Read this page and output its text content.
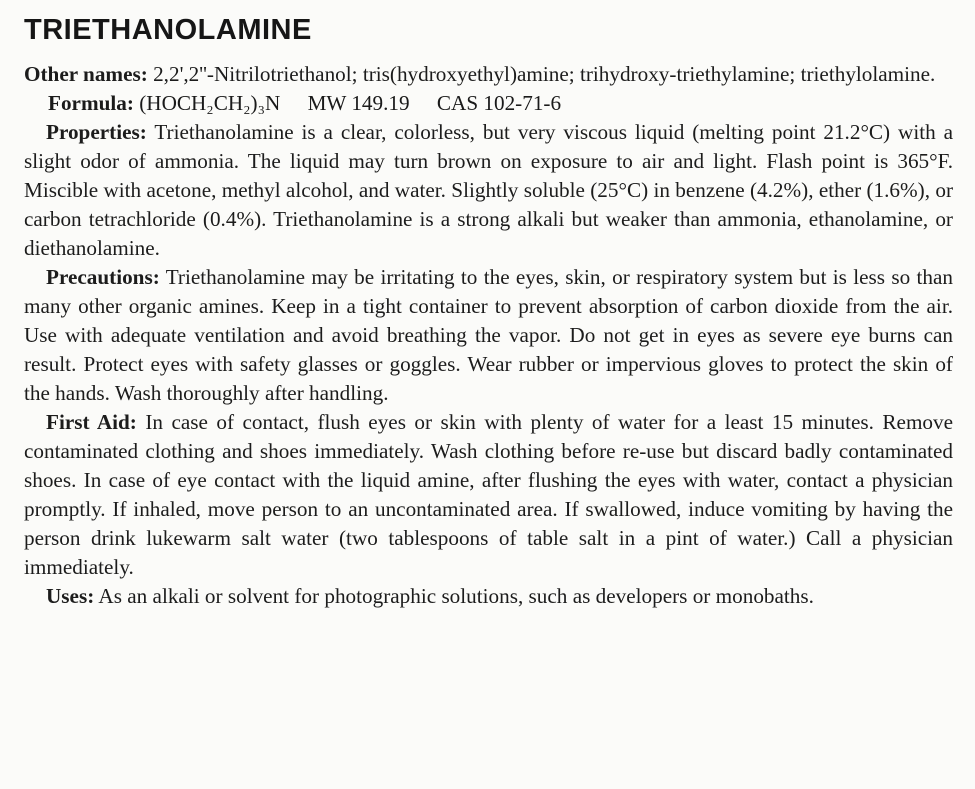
TRIETHANOLAMINE

Other names: 2,2',2''-Nitrilotriethanol; tris(hydroxyethyl)amine; trihydroxy-triethylamine; triethylolamine.

Formula: (HOCH₂CH₂)₃N MW 149.19 CAS 102-71-6

Properties: Triethanolamine is a clear, colorless, but very viscous liquid (melting point 21.2°C) with a slight odor of ammonia. The liquid may turn brown on exposure to air and light. Flash point is 365°F. Miscible with acetone, methyl alcohol, and water. Slightly soluble (25°C) in benzene (4.2%), ether (1.6%), or carbon tetrachloride (0.4%). Triethanolamine is a strong alkali but weaker than ammonia, ethanolamine, or diethanolamine.

Precautions: Triethanolamine may be irritating to the eyes, skin, or respiratory system but is less so than many other organic amines. Keep in a tight container to prevent absorption of carbon dioxide from the air. Use with adequate ventilation and avoid breathing the vapor. Do not get in eyes as severe eye burns can result. Protect eyes with safety glasses or goggles. Wear rubber or impervious gloves to protect the skin of the hands. Wash thoroughly after handling.

First Aid: In case of contact, flush eyes or skin with plenty of water for a least 15 minutes. Remove contaminated clothing and shoes immediately. Wash clothing before re-use but discard badly contaminated shoes. In case of eye contact with the liquid amine, after flushing the eyes with water, contact a physician promptly. If inhaled, move person to an uncontaminated area. If swallowed, induce vomiting by having the person drink lukewarm salt water (two tablespoons of table salt in a pint of water.) Call a physician immediately.

Uses: As an alkali or solvent for photographic solutions, such as developers or monobaths.
